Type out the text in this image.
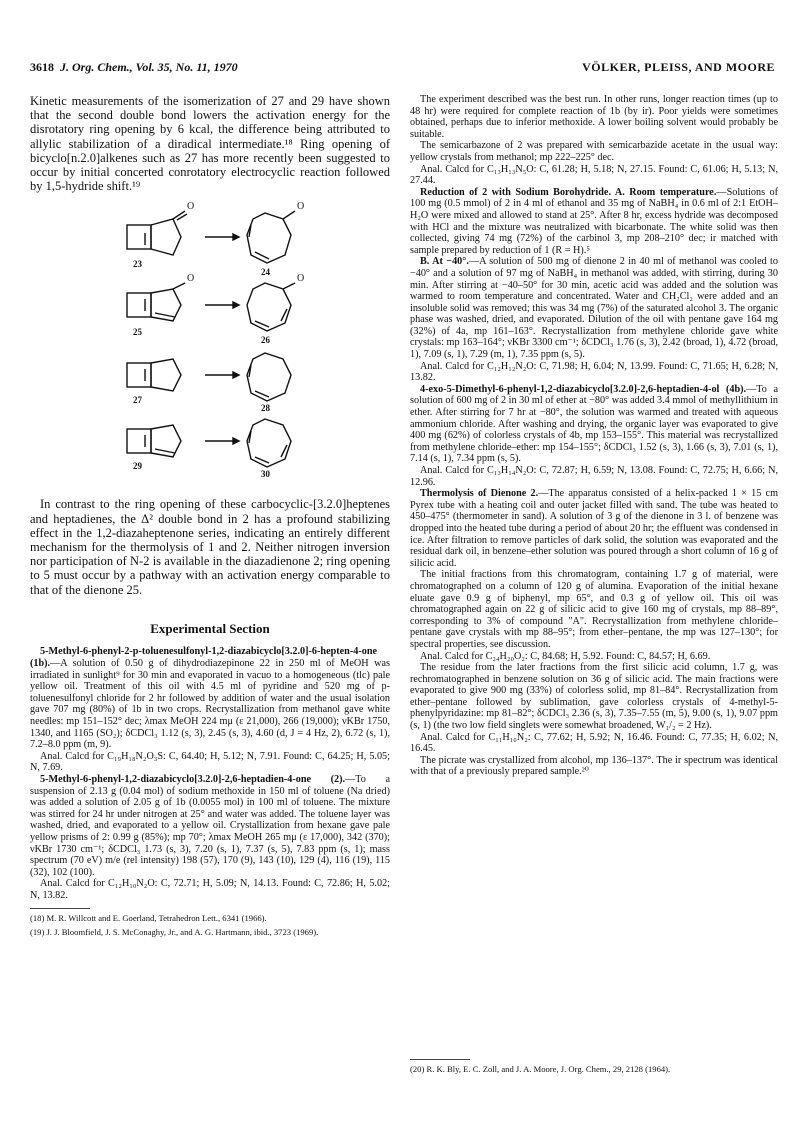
3618 J. Org. Chem., Vol. 35, No. 11, 1970	VÖLKER, PLEISS, AND MOORE

Kinetic measurements of the isomerization of 27 and 29 have shown that the second double bond lowers the activation energy for the disrotatory ring opening by 6 kcal, the difference being attributed to allylic stabilization of a diradical intermediate.¹⁸ Ring opening of bicyclo[n.2.0]alkenes such as 27 has more recently been suggested to occur by initial concerted conrotatory electrocyclic reaction followed by 1,5-hydride shift.¹⁹

O	O
23
24
O	O
25
26
27
28
29
30

In contrast to the ring opening of these carbocyclic-[3.2.0]heptenes and heptadienes, the Δ² double bond in 2 has a profound stabilizing effect in the 1,2-diazaheptenone series, indicating an entirely different mechanism for the thermolysis of 1 and 2. Neither nitrogen inversion nor participation of N-2 is available in the diazadienone 2; ring opening to 5 must occur by a pathway with an activation energy comparable to that of the dienone 25.

Experimental Section

5-Methyl-6-phenyl-2-p-toluenesulfonyl-1,2-diazabicyclo[3.2.0]-6-hepten-4-one (1b).—A solution of 0.50 g of dihydrodiazepinone 22 in 250 ml of MeOH was irradiated in sunlight⁹ for 30 min and evaporated in vacuo to a homogeneous (tlc) pale yellow oil. Treatment of this oil with 4.5 ml of pyridine and 520 mg of p-toluenesulfonyl chloride for 2 hr followed by addition of water and the usual isolation gave 707 mg (80%) of 1b in two crops. Recrystallization from methanol gave white needles: mp 151–152° dec; λmax MeOH 224 mμ (ε 21,000), 266 (19,000); νKBr 1750, 1340, and 1165 (SO₂); δCDCl₃ 1.12 (s, 3), 2.45 (s, 3), 4.60 (d, J = 4 Hz, 2), 6.72 (s, 1), 7.2–8.0 ppm (m, 9).

Anal. Calcd for C₁₉H₁₈N₂O₃S: C, 64.40; H, 5.12; N, 7.91. Found: C, 64.25; H, 5.05; N, 7.69.

5-Methyl-6-phenyl-1,2-diazabicyclo[3.2.0]-2,6-heptadien-4-one (2).—To a suspension of 2.13 g (0.04 mol) of sodium methoxide in 150 ml of toluene (Na dried) was added a solution of 2.05 g of 1b (0.0055 mol) in 100 ml of toluene. The mixture was stirred for 24 hr under nitrogen at 25° and water was added. The toluene layer was washed, dried, and evaporated to a yellow oil. Crystallization from hexane gave pale yellow prisms of 2: 0.99 g (85%); mp 70°; λmax MeOH 265 mμ (ε 17,000), 342 (370); νKBr 1730 cm⁻¹; δCDCl₃ 1.73 (s, 3), 7.20 (s, 1), 7.37 (s, 5), 7.83 ppm (s, 1); mass spectrum (70 eV) m/e (rel intensity) 198 (57), 170 (9), 143 (10), 129 (4), 116 (19), 115 (32), 102 (100).

Anal. Calcd for C₁₂H₁₀N₂O: C, 72.71; H, 5.09; N, 14.13. Found: C, 72.86; H, 5.02; N, 13.82.

(18) M. R. Willcott and E. Goerland, Tetrahedron Lett., 6341 (1966).
(19) J. J. Bloomfield, J. S. McConaghy, Jr., and A. G. Hartmann, ibid., 3723 (1969).

The experiment described was the best run. In other runs, longer reaction times (up to 48 hr) were required for complete reaction of 1b (by ir). Poor yields were sometimes obtained, perhaps due to inferior methoxide. A lower boiling solvent would probably be suitable.

The semicarbazone of 2 was prepared with semicarbazide acetate in the usual way: yellow crystals from methanol; mp 222–225° dec.

Anal. Calcd for C₁₃H₁₃N₅O: C, 61.28; H, 5.18; N, 27.15. Found: C, 61.06; H, 5.13; N, 27.44.

Reduction of 2 with Sodium Borohydride. A. Room temperature.—Solutions of 100 mg (0.5 mmol) of 2 in 4 ml of ethanol and 35 mg of NaBH₄ in 0.6 ml of 2:1 EtOH–H₂O were mixed and allowed to stand at 25°. After 8 hr, excess hydride was decomposed with HCl and the mixture was neutralized with bicarbonate. The white solid was then collected, giving 74 mg (72%) of the carbinol 3, mp 208–210° dec; ir matched with sample prepared by reduction of 1 (R = H).⁵

B. At −40°.—A solution of 500 mg of dienone 2 in 40 ml of methanol was cooled to −40° and a solution of 97 mg of NaBH₄ in methanol was added, with stirring, during 30 min. After stirring at −40–50° for 30 min, acetic acid was added and the solution was warmed to room temperature and concentrated. Water and CH₂Cl₂ were added and an insoluble solid was removed; this was 34 mg (7%) of the saturated alcohol 3. The organic phase was washed, dried, and evaporated. Dilution of the oil with pentane gave 164 mg (32%) of 4a, mp 161–163°. Recrystallization from methylene chloride gave white crystals: mp 163–164°; νKBr 3300 cm⁻¹; δCDCl₃ 1.76 (s, 3), 2.42 (broad, 1), 4.72 (broad, 1), 7.09 (s, 1), 7.29 (m, 1), 7.35 ppm (s, 5).

Anal. Calcd for C₁₂H₁₂N₂O: C, 71.98; H, 6.04; N, 13.99. Found: C, 71.65; H, 6.28; N, 13.82.

4-exo-5-Dimethyl-6-phenyl-1,2-diazabicyclo[3.2.0]-2,6-heptadien-4-ol (4b).—To a solution of 600 mg of 2 in 30 ml of ether at −80° was added 3.4 mmol of methyllithium in ether. After stirring for 7 hr at −80°, the solution was warmed and treated with aqueous ammonium chloride. After washing and drying, the organic layer was evaporated to give 400 mg (62%) of colorless crystals of 4b, mp 153–155°. This material was recrystallized from methylene chloride–ether: mp 154–155°; δCDCl₃ 1.52 (s, 3), 1.66 (s, 3), 7.01 (s, 1), 7.14 (s, 1), 7.34 ppm (s, 5).

Anal. Calcd for C₁₃H₁₄N₂O: C, 72.87; H, 6.59; N, 13.08. Found: C, 72.75; H, 6.66; N, 12.96.

Thermolysis of Dienone 2.—The apparatus consisted of a helix-packed 1 × 15 cm Pyrex tube with a heating coil and outer jacket filled with sand. The tube was heated to 450–475° (thermometer in sand). A solution of 3 g of the dienone in 3 l. of benzene was dropped into the heated tube during a period of about 20 hr; the effluent was condensed in ice. After filtration to remove particles of dark solid, the solution was evaporated and the residual dark oil, in benzene–ether solution was poured through a short column of 16 g of silicic acid.

The initial fractions from this chromatogram, containing 1.7 g of material, were chromatographed on a column of 120 g of alumina. Evaporation of the initial hexane eluate gave 0.9 g of biphenyl, mp 65°, and 0.3 g of yellow oil. This oil was chromatographed again on 22 g of silicic acid to give 160 mg of crystals, mp 88–89°, corresponding to 3% of compound "A". Recrystallization from methylene chloride–pentane gave crystals with mp 88–95°; from ether–pentane, the mp was 127–130°; for spectral properties, see discussion.

Anal. Calcd for C₂₄H₂₀O₂: C, 84.68; H, 5.92. Found: C, 84.57; H, 6.69.

The residue from the later fractions from the first silicic acid column, 1.7 g, was rechromatographed in benzene solution on 36 g of silicic acid. The main fractions were evaporated to give 900 mg (33%) of colorless solid, mp 81–84°. Recrystallization from ether–pentane followed by sublimation, gave colorless crystals of 4-methyl-5-phenylpyridazine: mp 81–82°; δCDCl₃ 2.36 (s, 3), 7.35–7.55 (m, 5), 9.00 (s, 1), 9.07 ppm (s, 1) (the two low field singlets were somewhat broadened, W₁/₂ = 2 Hz).

Anal. Calcd for C₁₁H₁₀N₂: C, 77.62; H, 5.92; N, 16.46. Found: C, 77.35; H, 6.02; N, 16.45.

The picrate was crystallized from alcohol, mp 136–137°. The ir spectrum was identical with that of a previously prepared sample.²⁰

(20) R. K. Bly, E. C. Zoll, and J. A. Moore, J. Org. Chem., 29, 2128 (1964).
